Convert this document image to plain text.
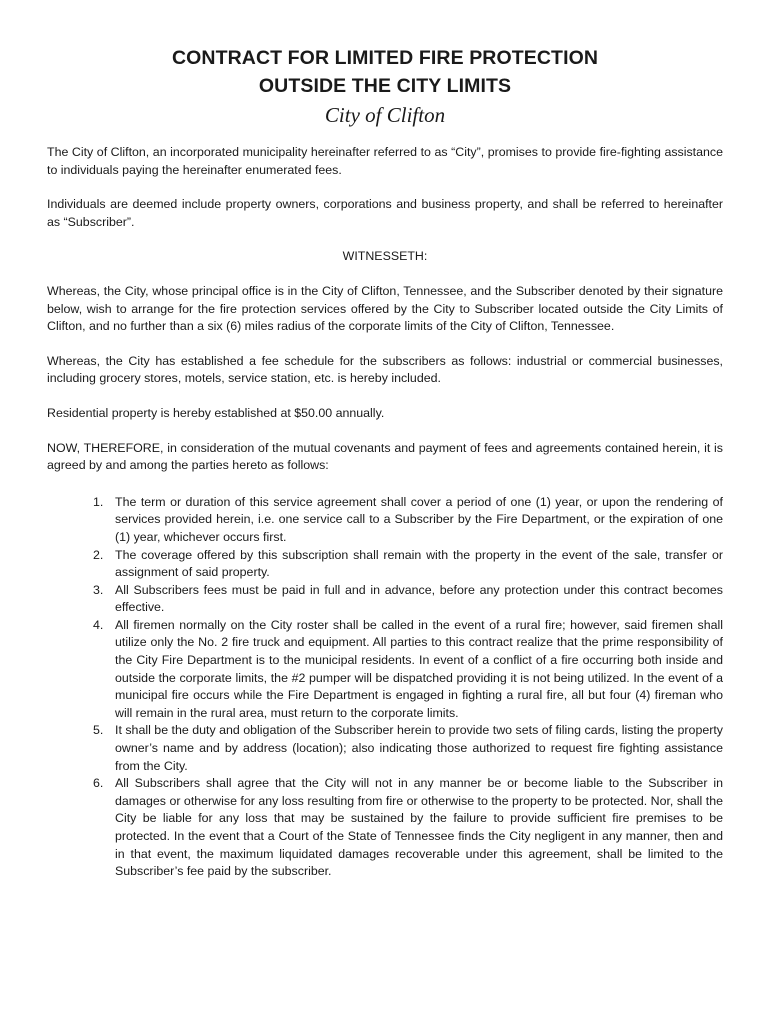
CONTRACT FOR LIMITED FIRE PROTECTION
OUTSIDE THE CITY LIMITS
City of Clifton

The City of Clifton, an incorporated municipality hereinafter referred to as “City”, promises to provide fire-fighting assistance to individuals paying the hereinafter enumerated fees.

Individuals are deemed include property owners, corporations and business property, and shall be referred to hereinafter as “Subscriber”.

WITNESSETH:

Whereas, the City, whose principal office is in the City of Clifton, Tennessee, and the Subscriber denoted by their signature below, wish to arrange for the fire protection services offered by the City to Subscriber located outside the City Limits of Clifton, and no further than a six (6) miles radius of the corporate limits of the City of Clifton, Tennessee.

Whereas, the City has established a fee schedule for the subscribers as follows: industrial or commercial businesses, including grocery stores, motels, service station, etc. is hereby included.

Residential property is hereby established at $50.00 annually.

NOW, THEREFORE, in consideration of the mutual covenants and payment of fees and agreements contained herein, it is agreed by and among the parties hereto as follows:

1. The term or duration of this service agreement shall cover a period of one (1) year, or upon the rendering of services provided herein, i.e. one service call to a Subscriber by the Fire Department, or the expiration of one (1) year, whichever occurs first.
2. The coverage offered by this subscription shall remain with the property in the event of the sale, transfer or assignment of said property.
3. All Subscribers fees must be paid in full and in advance, before any protection under this contract becomes effective.
4. All firemen normally on the City roster shall be called in the event of a rural fire; however, said firemen shall utilize only the No. 2 fire truck and equipment. All parties to this contract realize that the prime responsibility of the City Fire Department is to the municipal residents. In event of a conflict of a fire occurring both inside and outside the corporate limits, the #2 pumper will be dispatched providing it is not being utilized. In the event of a municipal fire occurs while the Fire Department is engaged in fighting a rural fire, all but four (4) fireman who will remain in the rural area, must return to the corporate limits.
5. It shall be the duty and obligation of the Subscriber herein to provide two sets of filing cards, listing the property owner’s name and by address (location); also indicating those authorized to request fire fighting assistance from the City.
6. All Subscribers shall agree that the City will not in any manner be or become liable to the Subscriber in damages or otherwise for any loss resulting from fire or otherwise to the property to be protected. Nor, shall the City be liable for any loss that may be sustained by the failure to provide sufficient fire premises to be protected. In the event that a Court of the State of Tennessee finds the City negligent in any manner, then and in that event, the maximum liquidated damages recoverable under this agreement, shall be limited to the Subscriber’s fee paid by the subscriber.
